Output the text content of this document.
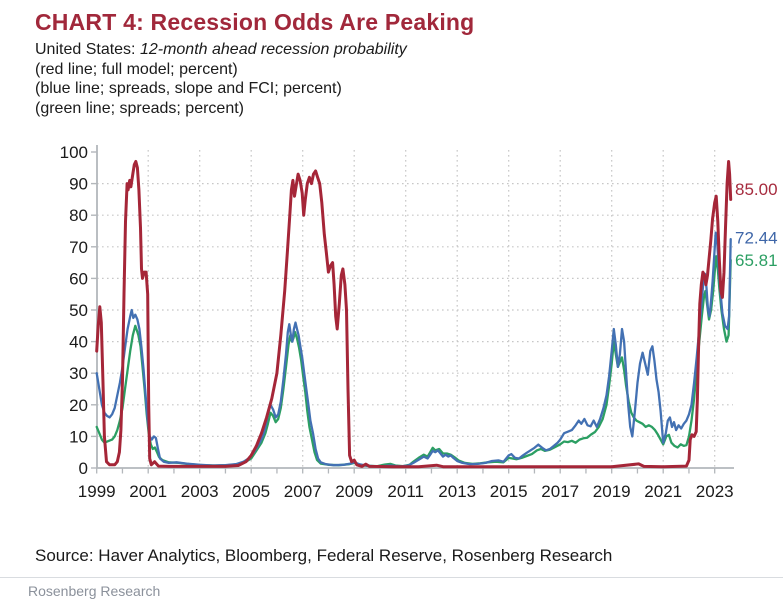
CHART 4: Recession Odds Are Peaking
United States: 12-month ahead recession probability
(red line; full model; percent)
(blue line; spreads, slope and FCI; percent)
(green line; spreads; percent)
0
10
20
30
40
50
60
70
80
90
100
1999 2001 2003 2005 2007 2009 2011 2013 2015 2017 2019 2021 2023
85.00
72.44
65.81
Source: Haver Analytics, Bloomberg, Federal Reserve, Rosenberg Research
Rosenberg Research
